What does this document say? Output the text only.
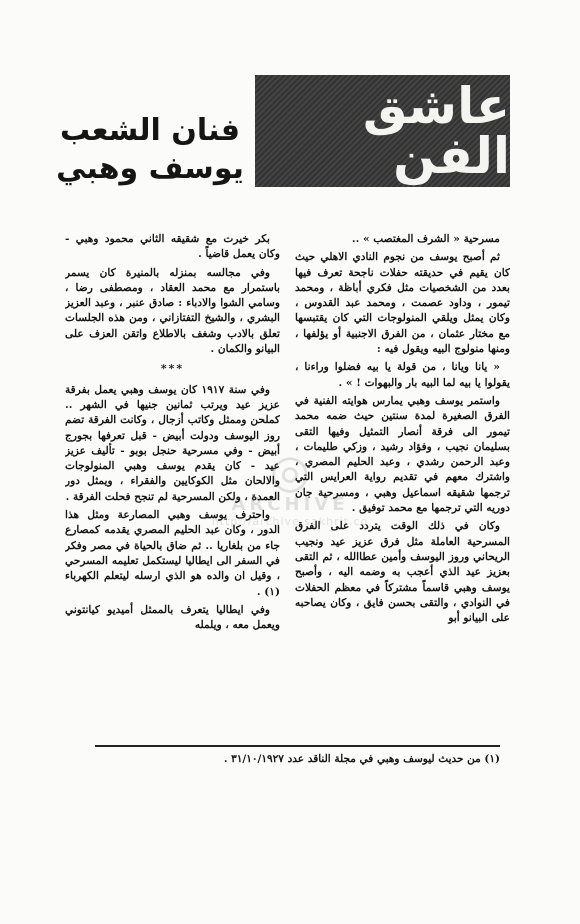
عاشق الفن
فنان الشعب
يوسف وهبي

مسرحية « الشرف المغتصب » ..

ثم أصبح يوسف من نجوم النادي الاهلي حيث كان يقيم في حديقته حفلات ناجحة تعرف فيها بعدد من الشخصيات مثل فكري أباظة ، ومحمد تيمور ، وداود عصمت ، ومحمد عبد القدوس ، وكان يمثل ويلقي المنولوجات التي كان يقتبسها مع مختار عثمان ، من الفرق الاجنبية أو يؤلفها ، ومنها منولوج البيه ويقول فيه :

« يانا ويانا ، من قولة يا بيه فضلوا وراءنا ، يقولوا يا بيه لما البيه بار والبهوات ! » .

واستمر يوسف وهبي يمارس هوايته الفنية في الفرق الصغيرة لمدة سنتين حيث ضمه محمد تيمور الى فرقة أنصار التمثيل وفيها التقى بسليمان نجيب ، وفؤاد رشيد ، وزكي طليمات ، وعبد الرحمن رشدي ، وعبد الحليم المصري ، واشترك معهم في تقديم رواية العرايس التي ترجمها شقيقه اسماعيل وهبي ، ومسرحية جان دوريه التي ترجمها مع محمد توفيق .

وكان في ذلك الوقت يتردد على الفرق المسرحية العاملة مثل فرق عزيز عيد ونجيب الريحاني وروز اليوسف وأمين عطاالله ، ثم التقى بعزيز عيد الذي أعجب به وضمه اليه ، وأصبح يوسف وهبي قاسماً مشتركاً في معظم الحفلات في النوادي ، والتقى بحسن فايق ، وكان يصاحبه على البيانو أبو

بكر خيرت مع شقيقه الثاني محمود وهبي - وكان يعمل قاضياً .

وفي مجالسه بمنزله بالمنيرة كان يسمر باستمرار مع محمد العقاد ، ومصطفى رضا ، وسامي الشوا والادباء : صادق عنبر ، وعبد العزيز البشري ، والشيخ التفتازاني ، ومن هذه الجلسات تعلق بالادب وشغف بالاطلاع واتقن العزف على البيانو والكمان .

***

وفي سنة ١٩١٧ كان يوسف وهبي يعمل بفرقة عزيز عيد ويرتب ثمانين جنيها في الشهر .. كملحن وممثل وكاتب أزجال ، وكانت الفرقة تضم روز اليوسف ودولت أبيض - قبل تعرفها بجورج أبيض - وفي مسرحية حنجل بوبو - تأليف عزيز عيد - كان يقدم يوسف وهبي المنولوجات والالحان مثل الكوكايين والفقراء ، ويمثل دور العمدة ، ولكن المسرحية لم تنجح فحلت الفرقة .

واحترف يوسف وهبي المصارعة ومثل هذا الدور ، وكان عبد الحليم المصري يقدمه كمصارع جاء من بلغاريا .. ثم ضاق بالحياة في مصر وفكر في السفر الى ايطاليا ليستكمل تعليمه المسرحي ، وقيل ان والده هو الذي ارسله ليتعلم الكهرباء (١) .

وفي ايطاليا يتعرف بالممثل أميديو كيانتوني ويعمل معه ، ويلمله

(١) من حديث ليوسف وهبي في مجلة الناقد عدد ٣١/١٠/١٩٢٧ .
◎
ARCHIVE
http://archive.sakhrit.co
